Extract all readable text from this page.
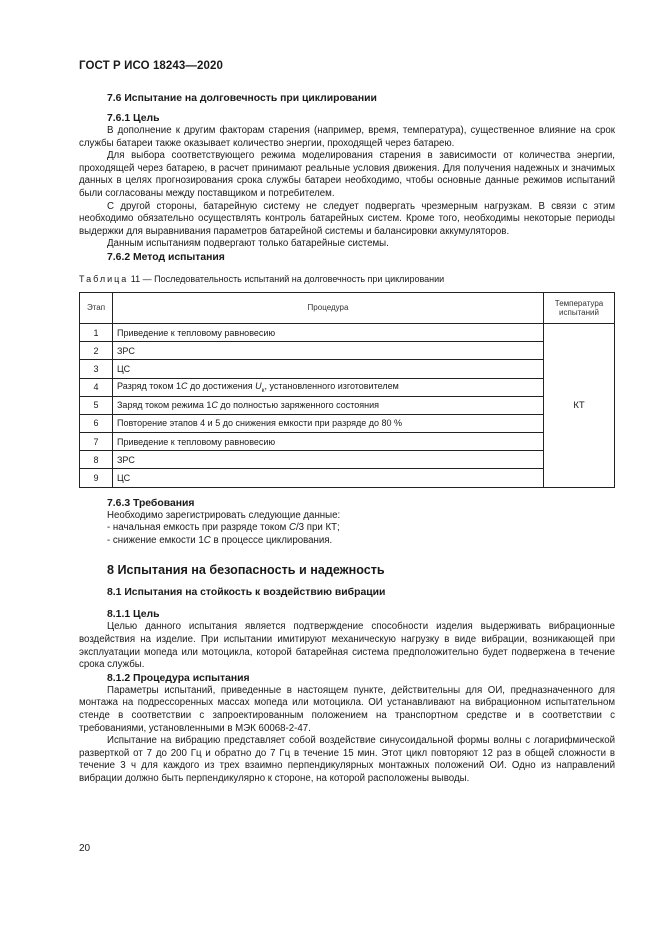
ГОСТ Р ИСО 18243—2020
7.6 Испытание на долговечность при циклировании
7.6.1 Цель

В дополнение к другим факторам старения (например, время, температура), существенное влияние на срок службы батареи также оказывает количество энергии, проходящей через батарею.

Для выбора соответствующего режима моделирования старения в зависимости от количества энергии, проходящей через батарею, в расчет принимают реальные условия движения. Для получения надежных и значимых данных в целях прогнозирования срока службы батареи необходимо, чтобы основные данные режимов испытаний были согласованы между поставщиком и потребителем.

С другой стороны, батарейную систему не следует подвергать чрезмерным нагрузкам. В связи с этим необходимо обязательно осуществлять контроль батарейных систем. Кроме того, необходимы некоторые периоды выдержки для выравнивания параметров батарейной системы и балансировки аккумуляторов.

Данным испытаниям подвергают только батарейные системы.

7.6.2 Метод испытания
Таблица 11 — Последовательность испытаний на долговечность при циклировании
Этап	Процедура	Температура испытаний
1	Приведение к тепловому равновесию	КТ
2	ЗРС	
3	ЦС	
4	Разряд током 1C до достижения $U_к$, установленного изготовителем	
5	Заряд током режима 1C до полностью заряженного состояния	
6	Повторение этапов 4 и 5 до снижения емкости при разряде до 80 %	
7	Приведение к тепловому равновесию	
8	ЗРС	
9	ЦС	
7.6.3 Требования
Необходимо зарегистрировать следующие данные:
- начальная емкость при разряде током C/3 при КТ;
- снижение емкости 1C в процессе циклирования.
8 Испытания на безопасность и надежность
8.1 Испытания на стойкость к воздействию вибрации
8.1.1 Цель

Целью данного испытания является подтверждение способности изделия выдерживать вибрационные воздействия на изделие. При испытании имитируют механическую нагрузку в виде вибрации, возникающей при эксплуатации мопеда или мотоцикла, которой батарейная система предположительно будет подвержена в течение срока службы.

8.1.2 Процедура испытания

Параметры испытаний, приведенные в настоящем пункте, действительны для ОИ, предназначенного для монтажа на подрессоренных массах мопеда или мотоцикла. ОИ устанавливают на вибрационном испытательном стенде в соответствии с запроектированным положением на транспортном средстве и в соответствии с требованиями, установленными в МЭК 60068-2-47.

Испытание на вибрацию представляет собой воздействие синусоидальной формы волны с логарифмической разверткой от 7 до 200 Гц и обратно до 7 Гц в течение 15 мин. Этот цикл повторяют 12 раз в общей сложности в течение 3 ч для каждого из трех взаимно перпендикулярных монтажных положений ОИ. Одно из направлений вибрации должно быть перпендикулярно к стороне, на которой расположены выводы.

20
